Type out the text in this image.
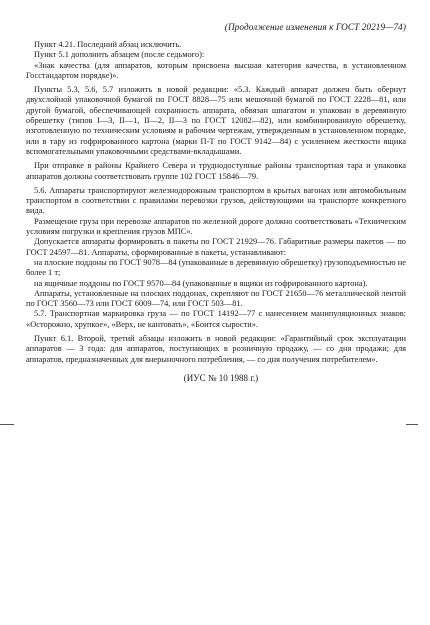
(Продолжение изменения к ГОСТ 20219—74)

Пункт 4.21. Последний абзац исключить.

Пункт 5.1 дополнить абзацем (после седьмого):

«Знак качества (для аппаратов, которым присвоена высшая категория качества, в установленном Госстандартом порядке)».

Пункты 5.3, 5.6, 5.7 изложить в новой редакции: «5.3. Каждый аппарат должен быть обернут двухслойной упаковочной бумагой по ГОСТ 8828—75 или мешочной бумагой по ГОСТ 2228—81, или другой бумагой, обеспечивающей сохранность аппарата, обвязан шпагатом и упакован в деревянную обрешетку (типов I—3, II—1, II—2, II—3 по ГОСТ 12082—82), или комбинированную обрешетку, изготовленную по техническим условиям и рабочим чертежам, утвержденным в установленном порядке, или в тару из гофрированного картона (марки П-Т по ГОСТ 9142—84) с усилением жесткости ящика вспомогательными упаковочными средствами-вкладышами.

При отправке в районы Крайнего Севера и труднодоступные районы транспортная тара и упаковка аппаратов должны соответствовать группе 102 ГОСТ 15846—79.

5.6. Аппараты транспортируют железнодорожным транспортом в крытых вагонах или автомобильным транспортом в соответствии с правилами перевозки грузов, действующими на транспорте конкретного вида.

Размещение груза при перевозке аппаратов по железной дороге должно соответствовать «Техническим условиям погрузки и крепления грузов МПС».

Допускается аппараты формировать в пакеты по ГОСТ 21929—76. Габаритные размеры пакетов — по ГОСТ 24597—81. Аппараты, сформированные в пакеты, устанавливают:

на плоские поддоны по ГОСТ 9078—84 (упакованные в деревянную обрешетку) грузоподъемностью не более 1 т;

на ящичные поддоны по ГОСТ 9570—84 (упакованные в ящики из гофрированного картона).

Аппараты, установленные на плоских поддонах, скрепляют по ГОСТ 21650—76 металлической лентой по ГОСТ 3560—73 или ГОСТ 6009—74, или ГОСТ 503—81.

5.7. Транспортная маркировка груза — по ГОСТ 14192—77 с нанесением манипуляционных знаков: «Осторожно, хрупкое», «Верх, не кантовать», «Боится сырости».

Пункт 6.1. Второй, третий абзацы изложить в новой редакции: «Гарантийный срок эксплуатации аппаратов — 3 года: для аппаратов, поступающих в розничную продажу, — со дня продажи; для аппаратов, предназначенных для внерыночного потребления, — со дня получения потребителем».

(ИУС № 10 1988 г.)
